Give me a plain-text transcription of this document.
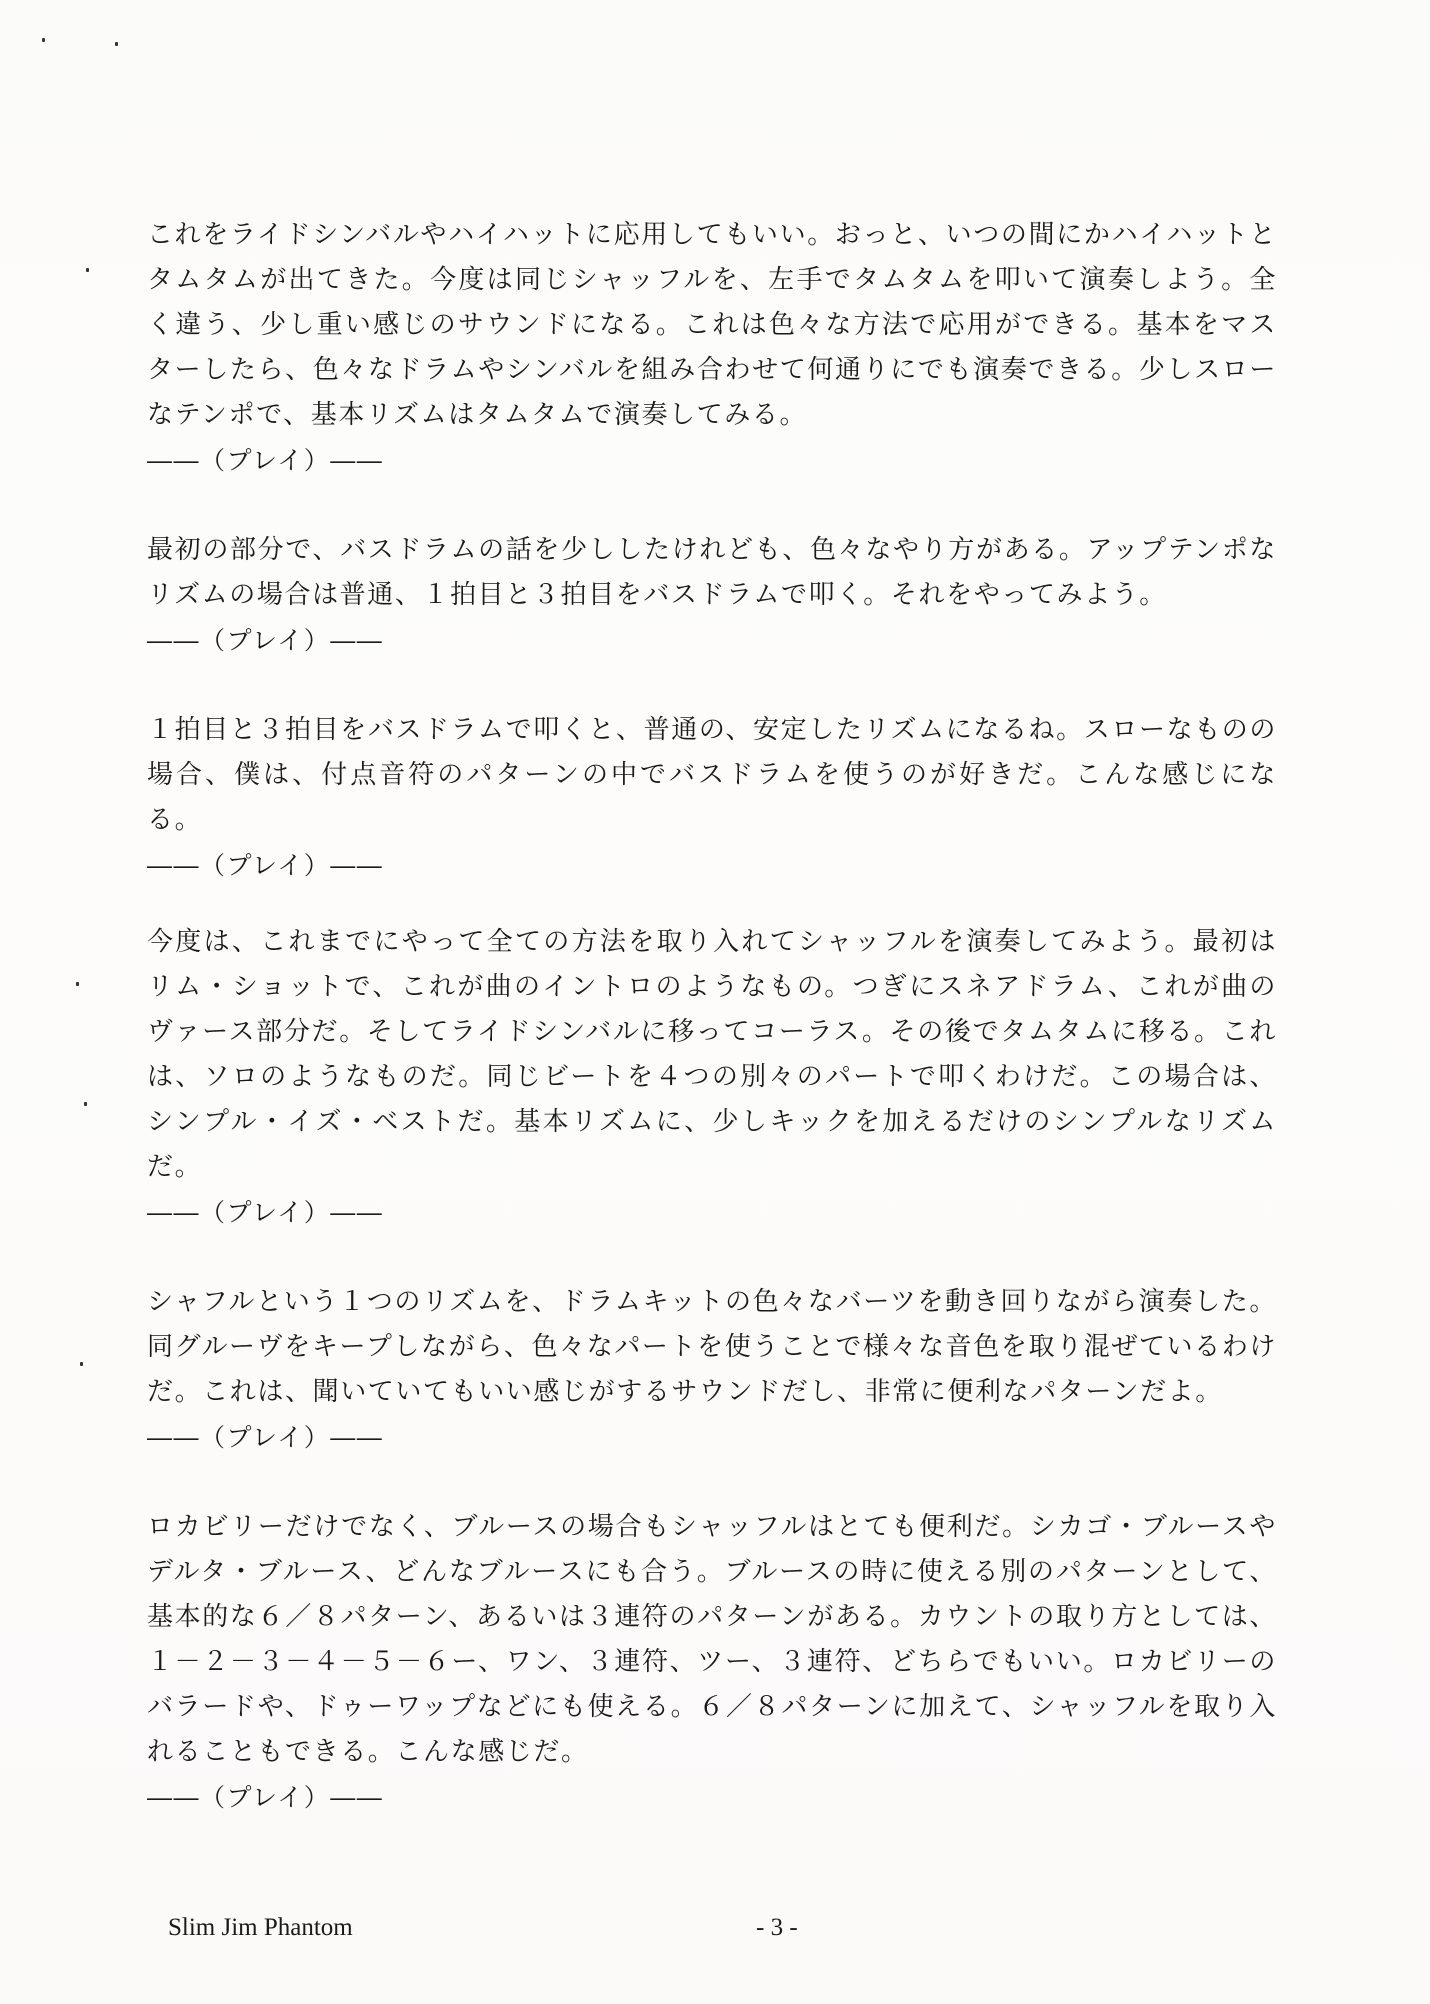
これをライドシンバルやハイハットに応用してもいい。おっと、いつの間にかハイハットとタムタムが出てきた。今度は同じシャッフルを、左手でタムタムを叩いて演奏しよう。全く違う、少し重い感じのサウンドになる。これは色々な方法で応用ができる。基本をマスターしたら、色々なドラムやシンバルを組み合わせて何通りにでも演奏できる。少しスローなテンポで、基本リズムはタムタムで演奏してみる。

――（プレイ）――

最初の部分で、バスドラムの話を少ししたけれども、色々なやり方がある。アップテンポなリズムの場合は普通、１拍目と３拍目をバスドラムで叩く。それをやってみよう。

――（プレイ）――

１拍目と３拍目をバスドラムで叩くと、普通の、安定したリズムになるね。スローなものの場合、僕は、付点音符のパターンの中でバスドラムを使うのが好きだ。こんな感じになる。

――（プレイ）――

今度は、これまでにやって全ての方法を取り入れてシャッフルを演奏してみよう。最初はリム・ショットで、これが曲のイントロのようなもの。つぎにスネアドラム、これが曲のヴァース部分だ。そしてライドシンバルに移ってコーラス。その後でタムタムに移る。これは、ソロのようなものだ。同じビートを４つの別々のパートで叩くわけだ。この場合は、シンプル・イズ・ベストだ。基本リズムに、少しキックを加えるだけのシンプルなリズムだ。

――（プレイ）――

シャフルという１つのリズムを、ドラムキットの色々なバーツを動き回りながら演奏した。同グルーヴをキープしながら、色々なパートを使うことで様々な音色を取り混ぜているわけだ。これは、聞いていてもいい感じがするサウンドだし、非常に便利なパターンだよ。

――（プレイ）――

ロカビリーだけでなく、ブルースの場合もシャッフルはとても便利だ。シカゴ・ブルースやデルタ・ブルース、どんなブルースにも合う。ブルースの時に使える別のパターンとして、基本的な６／８パターン、あるいは３連符のパターンがある。カウントの取り方としては、１－２－３－４－５－６ー、ワン、３連符、ツー、３連符、どちらでもいい。ロカビリーのバラードや、ドゥーワップなどにも使える。６／８パターンに加えて、シャッフルを取り入れることもできる。こんな感じだ。

――（プレイ）――

Slim Jim Phantom	- 3 -
